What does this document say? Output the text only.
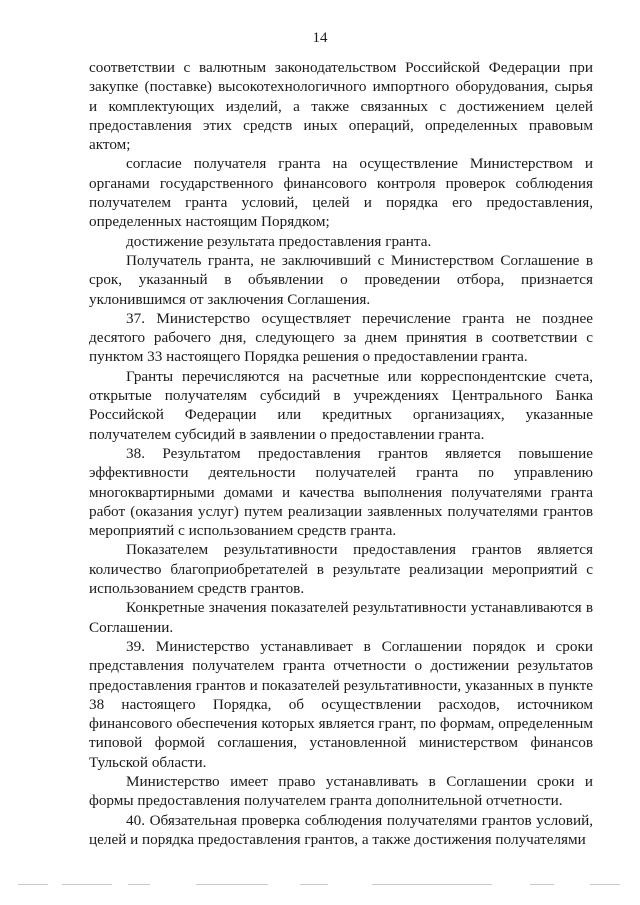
14

соответствии с валютным законодательством Российской Федерации при закупке (поставке) высокотехнологичного импортного оборудования, сырья и комплектующих изделий, а также связанных с достижением целей предоставления этих средств иных операций, определенных правовым актом;

согласие получателя гранта на осуществление Министерством и органами государственного финансового контроля проверок соблюдения получателем гранта условий, целей и порядка его предоставления, определенных настоящим Порядком;

достижение результата предоставления гранта.

Получатель гранта, не заключивший с Министерством Соглашение в срок, указанный в объявлении о проведении отбора, признается уклонившимся от заключения Соглашения.

37. Министерство осуществляет перечисление гранта не позднее десятого рабочего дня, следующего за днем принятия в соответствии с пунктом 33 настоящего Порядка решения о предоставлении гранта.

Гранты перечисляются на расчетные или корреспондентские счета, открытые получателям субсидий в учреждениях Центрального Банка Российской Федерации или кредитных организациях, указанные получателем субсидий в заявлении о предоставлении гранта.

38. Результатом предоставления грантов является повышение эффективности деятельности получателей гранта по управлению многоквартирными домами и качества выполнения получателями гранта работ (оказания услуг) путем реализации заявленных получателями грантов мероприятий с использованием средств гранта.

Показателем результативности предоставления грантов является количество благоприобретателей в результате реализации мероприятий с использованием средств грантов.

Конкретные значения показателей результативности устанавливаются в Соглашении.

39. Министерство устанавливает в Соглашении порядок и сроки представления получателем гранта отчетности о достижении результатов предоставления грантов и показателей результативности, указанных в пункте 38 настоящего Порядка, об осуществлении расходов, источником финансового обеспечения которых является грант, по формам, определенным типовой формой соглашения, установленной министерством финансов Тульской области.

Министерство имеет право устанавливать в Соглашении сроки и формы предоставления получателем гранта дополнительной отчетности.

40. Обязательная проверка соблюдения получателями грантов условий, целей и порядка предоставления грантов, а также достижения получателями
